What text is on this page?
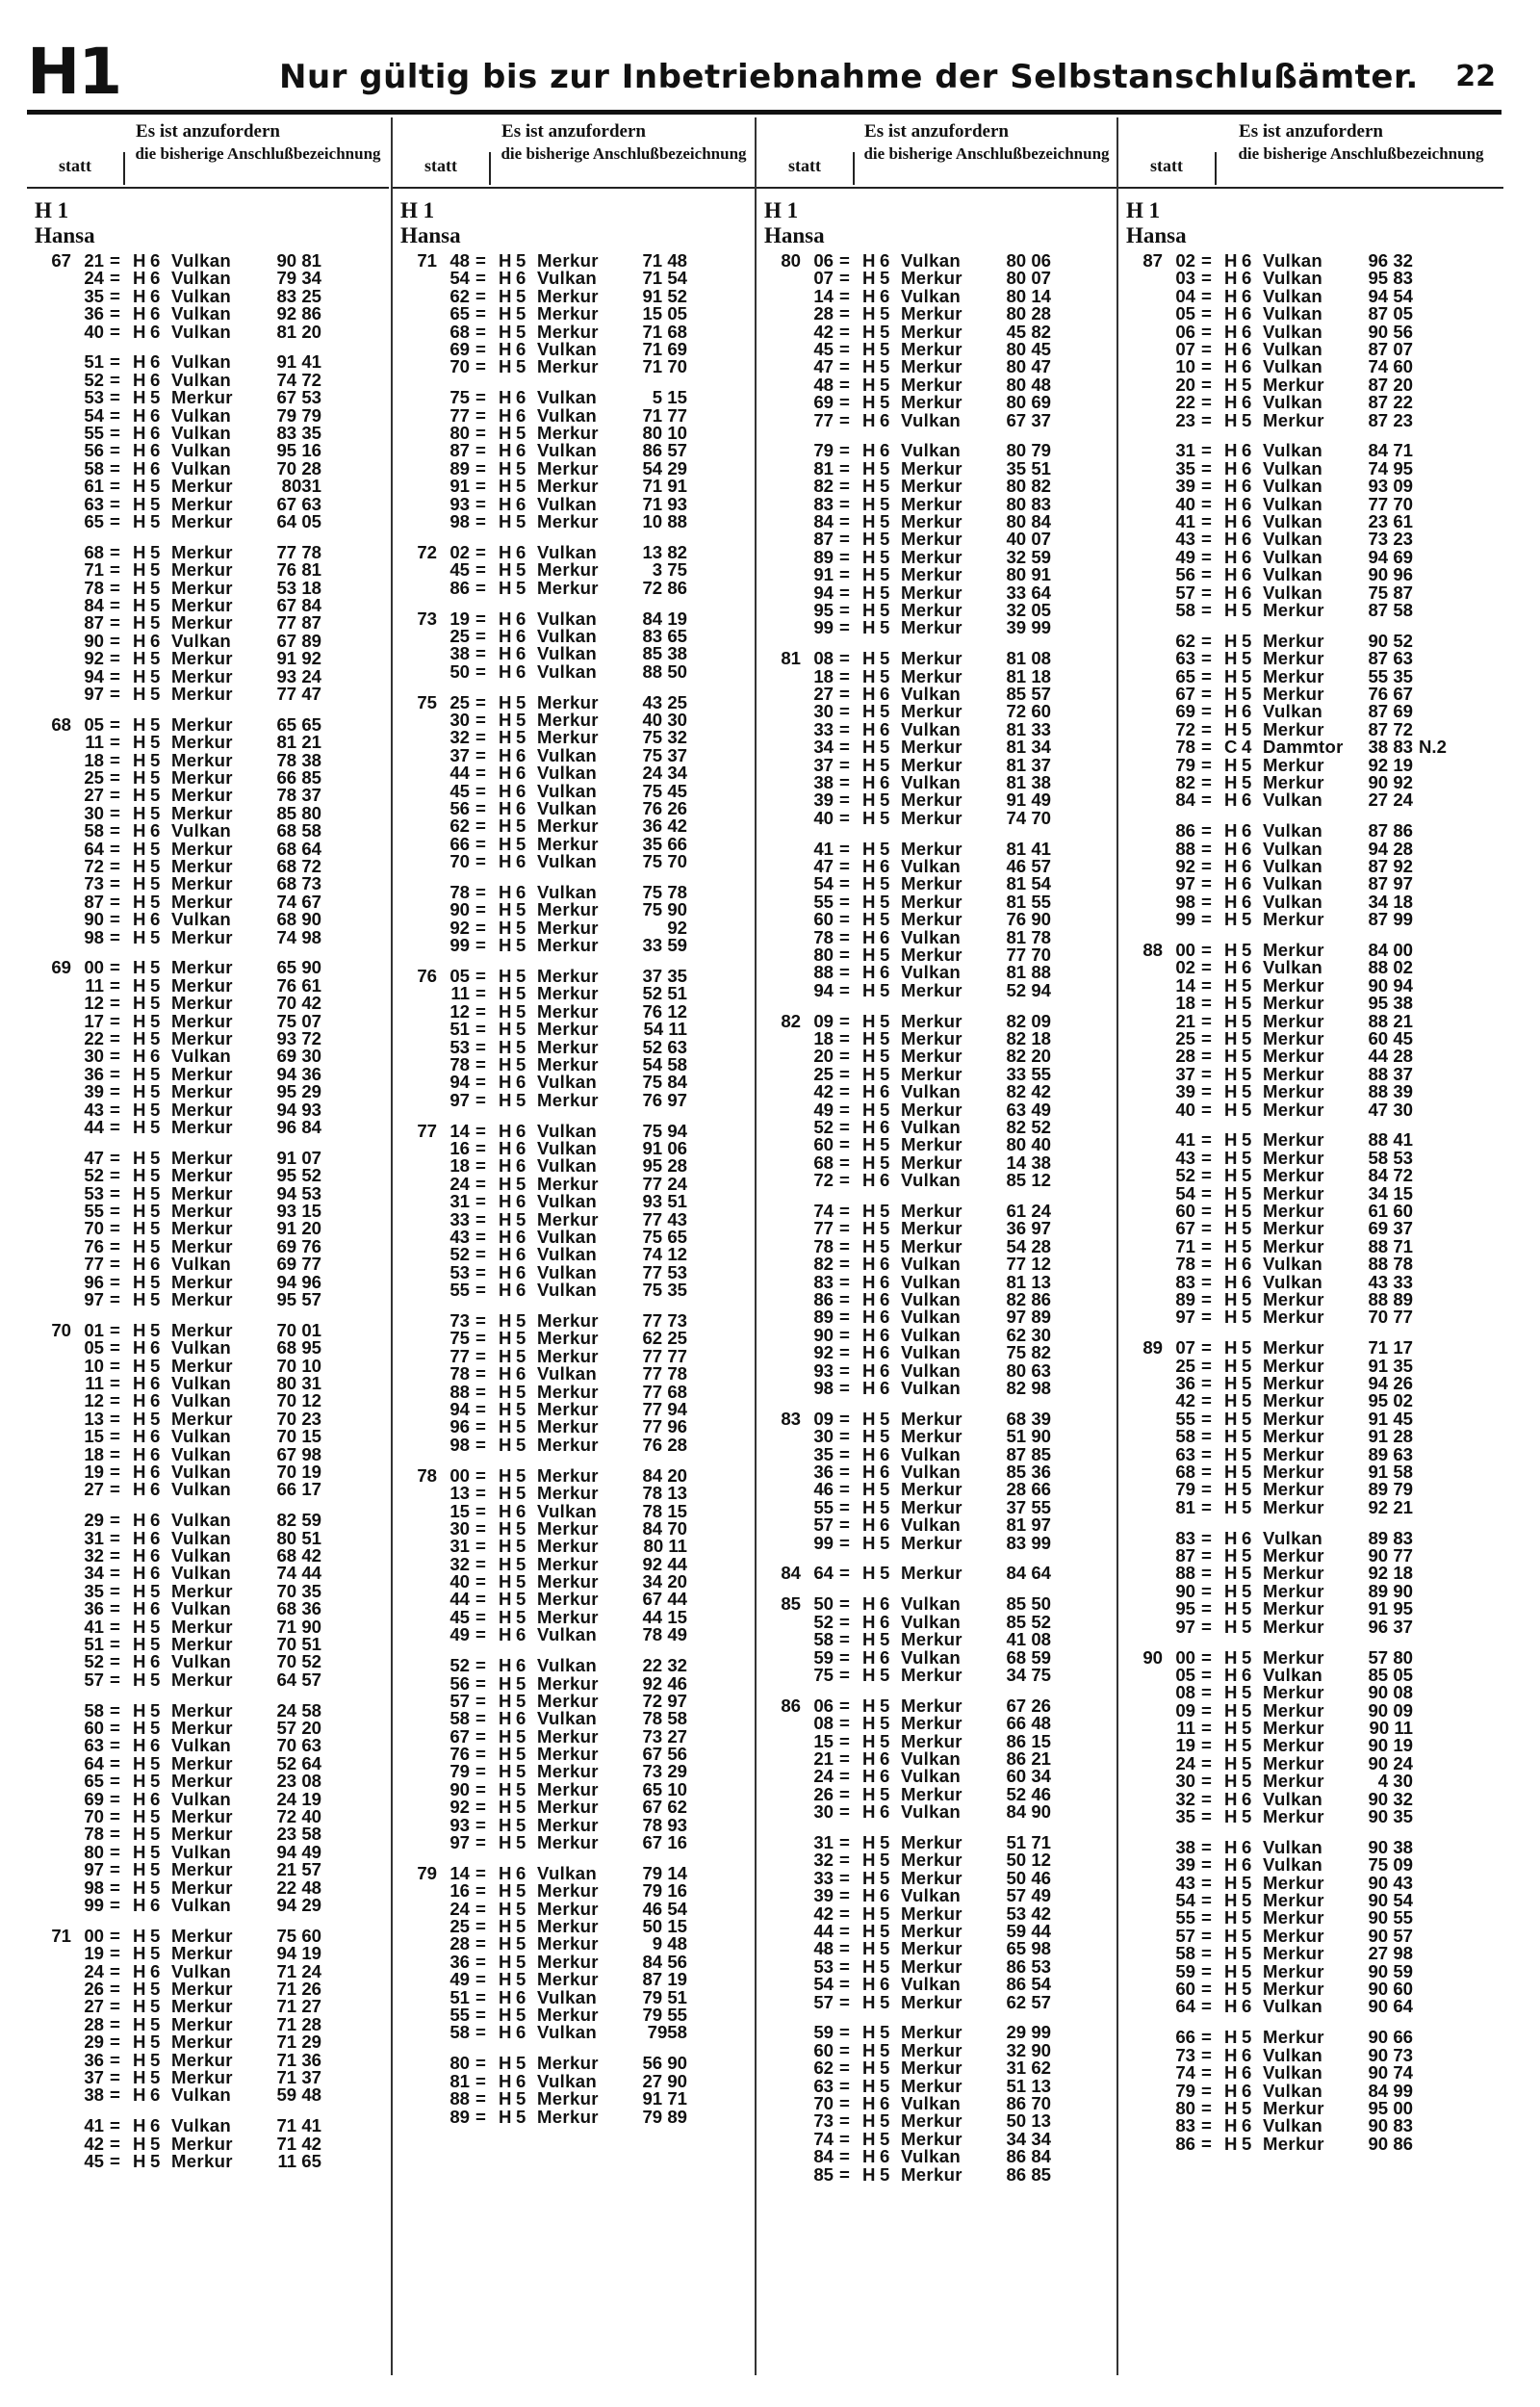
H1	Nur gültig bis zur Inbetriebnahme der Selbstanschlußämter. 22
Es ist anzufordern
statt
die bisherige Anschlußbezeichnung
H 1
Hansa
67 21 = H 6 Vulkan	90 81
24 = H 6 Vulkan	79 34
35 = H 6 Vulkan	83 25
36 = H 6 Vulkan	92 86
40 = H 6 Vulkan	81 20
51 = H 6 Vulkan	91 41
52 = H 6 Vulkan	74 72
53 = H 5 Merkur	67 53
54 = H 6 Vulkan	79 79
55 = H 6 Vulkan	83 35
56 = H 6 Vulkan	95 16
58 = H 6 Vulkan	70 28
61 = H 5 Merkur	8031
63 = H 5 Merkur	67 63
65 = H 5 Merkur	64 05
68 = H 5 Merkur	77 78
71 = H 5 Merkur	76 81
78 = H 5 Merkur	53 18
84 = H 5 Merkur	67 84
87 = H 5 Merkur	77 87
90 = H 6 Vulkan	67 89
92 = H 5 Merkur	91 92
94 = H 5 Merkur	93 24
97 = H 5 Merkur	77 47
68 05 = H 5 Merkur	65 65
11 = H 5 Merkur	81 21
18 = H 5 Merkur	78 38
25 = H 5 Merkur	66 85
27 = H 5 Merkur	78 37
30 = H 5 Merkur	85 80
58 = H 6 Vulkan	68 58
64 = H 5 Merkur	68 64
72 = H 5 Merkur	68 72
73 = H 5 Merkur	68 73
87 = H 5 Merkur	74 67
90 = H 6 Vulkan	68 90
98 = H 5 Merkur	74 98
69 00 = H 5 Merkur	65 90
11 = H 5 Merkur	76 61
12 = H 5 Merkur	70 42
17 = H 5 Merkur	75 07
22 = H 5 Merkur	93 72
30 = H 6 Vulkan	69 30
36 = H 5 Merkur	94 36
39 = H 5 Merkur	95 29
43 = H 5 Merkur	94 93
44 = H 5 Merkur	96 84
47 = H 5 Merkur	91 07
52 = H 5 Merkur	95 52
53 = H 5 Merkur	94 53
55 = H 5 Merkur	93 15
70 = H 5 Merkur	91 20
76 = H 5 Merkur	69 76
77 = H 6 Vulkan	69 77
96 = H 5 Merkur	94 96
97 = H 5 Merkur	95 57
70 01 = H 5 Merkur	70 01
05 = H 6 Vulkan	68 95
10 = H 5 Merkur	70 10
11 = H 6 Vulkan	80 31
12 = H 6 Vulkan	70 12
13 = H 5 Merkur	70 23
15 = H 6 Vulkan	70 15
18 = H 6 Vulkan	67 98
19 = H 6 Vulkan	70 19
27 = H 6 Vulkan	66 17
29 = H 6 Vulkan	82 59
31 = H 6 Vulkan	80 51
32 = H 6 Vulkan	68 42
34 = H 6 Vulkan	74 44
35 = H 5 Merkur	70 35
36 = H 6 Vulkan	68 36
41 = H 5 Merkur	71 90
51 = H 5 Merkur	70 51
52 = H 6 Vulkan	70 52
57 = H 5 Merkur	64 57
58 = H 5 Merkur	24 58
60 = H 5 Merkur	57 20
63 = H 6 Vulkan	70 63
64 = H 5 Merkur	52 64
65 = H 5 Merkur	23 08
69 = H 6 Vulkan	24 19
70 = H 5 Merkur	72 40
78 = H 5 Merkur	23 58
80 = H 5 Vulkan	94 49
97 = H 5 Merkur	21 57
98 = H 5 Merkur	22 48
99 = H 6 Vulkan	94 29
71 00 = H 5 Merkur	75 60
19 = H 5 Merkur	94 19
24 = H 6 Vulkan	71 24
26 = H 5 Merkur	71 26
27 = H 5 Merkur	71 27
28 = H 5 Merkur	71 28
29 = H 5 Merkur	71 29
36 = H 5 Merkur	71 36
37 = H 5 Merkur	71 37
38 = H 6 Vulkan	59 48
41 = H 6 Vulkan	71 41
42 = H 5 Merkur	71 42
45 = H 5 Merkur	11 65
Es ist anzufordern
statt
die bisherige Anschlußbezeichnung
H 1
Hansa
71 48 = H 5 Merkur	71 48
54 = H 6 Vulkan	71 54
62 = H 5 Merkur	91 52
65 = H 5 Merkur	15 05
68 = H 5 Merkur	71 68
69 = H 6 Vulkan	71 69
70 = H 5 Merkur	71 70
75 = H 6 Vulkan	5 15
77 = H 6 Vulkan	71 77
80 = H 5 Merkur	80 10
87 = H 6 Vulkan	86 57
89 = H 5 Merkur	54 29
91 = H 5 Merkur	71 91
93 = H 6 Vulkan	71 93
98 = H 5 Merkur	10 88
72 02 = H 6 Vulkan	13 82
45 = H 5 Merkur	3 75
86 = H 5 Merkur	72 86
73 19 = H 6 Vulkan	84 19
25 = H 6 Vulkan	83 65
38 = H 6 Vulkan	85 38
50 = H 6 Vulkan	88 50
75 25 = H 5 Merkur	43 25
30 = H 5 Merkur	40 30
32 = H 5 Merkur	75 32
37 = H 6 Vulkan	75 37
44 = H 6 Vulkan	24 34
45 = H 6 Vulkan	75 45
56 = H 6 Vulkan	76 26
62 = H 5 Merkur	36 42
66 = H 5 Merkur	35 66
70 = H 6 Vulkan	75 70
78 = H 6 Vulkan	75 78
90 = H 5 Merkur	75 90
92 = H 5 Merkur	92
99 = H 5 Merkur	33 59
76 05 = H 5 Merkur	37 35
11 = H 5 Merkur	52 51
12 = H 5 Merkur	76 12
51 = H 5 Merkur	54 11
53 = H 5 Merkur	52 63
78 = H 5 Merkur	54 58
94 = H 6 Vulkan	75 84
97 = H 5 Merkur	76 97
77 14 = H 6 Vulkan	75 94
16 = H 6 Vulkan	91 06
18 = H 6 Vulkan	95 28
24 = H 5 Merkur	77 24
31 = H 6 Vulkan	93 51
33 = H 5 Merkur	77 43
43 = H 6 Vulkan	75 65
52 = H 6 Vulkan	74 12
53 = H 6 Vulkan	77 53
55 = H 6 Vulkan	75 35
73 = H 5 Merkur	77 73
75 = H 5 Merkur	62 25
77 = H 5 Merkur	77 77
78 = H 6 Vulkan	77 78
88 = H 5 Merkur	77 68
94 = H 5 Merkur	77 94
96 = H 5 Merkur	77 96
98 = H 5 Merkur	76 28
78 00 = H 5 Merkur	84 20
13 = H 5 Merkur	78 13
15 = H 6 Vulkan	78 15
30 = H 5 Merkur	84 70
31 = H 5 Merkur	80 11
32 = H 5 Merkur	92 44
40 = H 5 Merkur	34 20
44 = H 5 Merkur	67 44
45 = H 5 Merkur	44 15
49 = H 6 Vulkan	78 49
52 = H 6 Vulkan	22 32
56 = H 5 Merkur	92 46
57 = H 5 Merkur	72 97
58 = H 6 Vulkan	78 58
67 = H 5 Merkur	73 27
76 = H 5 Merkur	67 56
79 = H 5 Merkur	73 29
90 = H 5 Merkur	65 10
92 = H 5 Merkur	67 62
93 = H 5 Merkur	78 93
97 = H 5 Merkur	67 16
79 14 = H 6 Vulkan	79 14
16 = H 5 Merkur	79 16
24 = H 5 Merkur	46 54
25 = H 5 Merkur	50 15
28 = H 5 Merkur	9 48
36 = H 5 Merkur	84 56
49 = H 5 Merkur	87 19
51 = H 6 Vulkan	79 51
55 = H 5 Merkur	79 55
58 = H 6 Vulkan	7958
80 = H 5 Merkur	56 90
81 = H 6 Vulkan	27 90
88 = H 5 Merkur	91 71
89 = H 5 Merkur	79 89
Es ist anzufordern
statt
die bisherige Anschlußbezeichnung
H 1
Hansa
80 06 = H 6 Vulkan	80 06
07 = H 5 Merkur	80 07
14 = H 6 Vulkan	80 14
28 = H 5 Merkur	80 28
42 = H 5 Merkur	45 82
45 = H 5 Merkur	80 45
47 = H 5 Merkur	80 47
48 = H 5 Merkur	80 48
69 = H 5 Merkur	80 69
77 = H 6 Vulkan	67 37
79 = H 6 Vulkan	80 79
81 = H 5 Merkur	35 51
82 = H 5 Merkur	80 82
83 = H 5 Merkur	80 83
84 = H 5 Merkur	80 84
87 = H 5 Merkur	40 07
89 = H 5 Merkur	32 59
91 = H 5 Merkur	80 91
94 = H 5 Merkur	33 64
95 = H 5 Merkur	32 05
99 = H 5 Merkur	39 99
81 08 = H 5 Merkur	81 08
18 = H 5 Merkur	81 18
27 = H 6 Vulkan	85 57
30 = H 5 Merkur	72 60
33 = H 6 Vulkan	81 33
34 = H 5 Merkur	81 34
37 = H 5 Merkur	81 37
38 = H 6 Vulkan	81 38
39 = H 5 Merkur	91 49
40 = H 5 Merkur	74 70
41 = H 5 Merkur	81 41
47 = H 6 Vulkan	46 57
54 = H 5 Merkur	81 54
55 = H 5 Merkur	81 55
60 = H 5 Merkur	76 90
78 = H 6 Vulkan	81 78
80 = H 5 Merkur	77 70
88 = H 6 Vulkan	81 88
94 = H 5 Merkur	52 94
82 09 = H 5 Merkur	82 09
18 = H 5 Merkur	82 18
20 = H 5 Merkur	82 20
25 = H 5 Merkur	33 55
42 = H 6 Vulkan	82 42
49 = H 5 Merkur	63 49
52 = H 6 Vulkan	82 52
60 = H 5 Merkur	80 40
68 = H 5 Merkur	14 38
72 = H 6 Vulkan	85 12
74 = H 5 Merkur	61 24
77 = H 5 Merkur	36 97
78 = H 5 Merkur	54 28
82 = H 6 Vulkan	77 12
83 = H 6 Vulkan	81 13
86 = H 6 Vulkan	82 86
89 = H 6 Vulkan	97 89
90 = H 6 Vulkan	62 30
92 = H 6 Vulkan	75 82
93 = H 6 Vulkan	80 63
98 = H 6 Vulkan	82 98
83 09 = H 5 Merkur	68 39
30 = H 5 Merkur	51 90
35 = H 6 Vulkan	87 85
36 = H 6 Vulkan	85 36
46 = H 5 Merkur	28 66
55 = H 5 Merkur	37 55
57 = H 6 Vulkan	81 97
99 = H 5 Merkur	83 99
84 64 = H 5 Merkur	84 64
85 50 = H 6 Vulkan	85 50
52 = H 6 Vulkan	85 52
58 = H 5 Merkur	41 08
59 = H 6 Vulkan	68 59
75 = H 5 Merkur	34 75
86 06 = H 5 Merkur	67 26
08 = H 5 Merkur	66 48
15 = H 5 Merkur	86 15
21 = H 6 Vulkan	86 21
24 = H 6 Vulkan	60 34
26 = H 5 Merkur	52 46
30 = H 6 Vulkan	84 90
31 = H 5 Merkur	51 71
32 = H 5 Merkur	50 12
33 = H 5 Merkur	50 46
39 = H 6 Vulkan	57 49
42 = H 5 Merkur	53 42
44 = H 5 Merkur	59 44
48 = H 5 Merkur	65 98
53 = H 5 Merkur	86 53
54 = H 6 Vulkan	86 54
57 = H 5 Merkur	62 57
59 = H 5 Merkur	29 99
60 = H 5 Merkur	32 90
62 = H 5 Merkur	31 62
63 = H 5 Merkur	51 13
70 = H 6 Vulkan	86 70
73 = H 5 Merkur	50 13
74 = H 5 Merkur	34 34
84 = H 6 Vulkan	86 84
85 = H 5 Merkur	86 85
Es ist anzufordern
statt
die bisherige Anschlußbezeichnung
H 1
Hansa
87 02 = H 6 Vulkan	96 32
03 = H 6 Vulkan	95 83
04 = H 6 Vulkan	94 54
05 = H 6 Vulkan	87 05
06 = H 6 Vulkan	90 56
07 = H 6 Vulkan	87 07
10 = H 6 Vulkan	74 60
20 = H 5 Merkur	87 20
22 = H 6 Vulkan	87 22
23 = H 5 Merkur	87 23
31 = H 6 Vulkan	84 71
35 = H 6 Vulkan	74 95
39 = H 6 Vulkan	93 09
40 = H 6 Vulkan	77 70
41 = H 6 Vulkan	23 61
43 = H 6 Vulkan	73 23
49 = H 6 Vulkan	94 69
56 = H 6 Vulkan	90 96
57 = H 6 Vulkan	75 87
58 = H 5 Merkur	87 58
62 = H 5 Merkur	90 52
63 = H 5 Merkur	87 63
65 = H 5 Merkur	55 35
67 = H 5 Merkur	76 67
69 = H 6 Vulkan	87 69
72 = H 5 Merkur	87 72
78 = C 4 Dammtor	38 83 N.2
79 = H 5 Merkur	92 19
82 = H 5 Merkur	90 92
84 = H 6 Vulkan	27 24
86 = H 6 Vulkan	87 86
88 = H 6 Vulkan	94 28
92 = H 6 Vulkan	87 92
97 = H 6 Vulkan	87 97
98 = H 6 Vulkan	34 18
99 = H 5 Merkur	87 99
88 00 = H 5 Merkur	84 00
02 = H 6 Vulkan	88 02
14 = H 5 Merkur	90 94
18 = H 5 Merkur	95 38
21 = H 5 Merkur	88 21
25 = H 5 Merkur	60 45
28 = H 5 Merkur	44 28
37 = H 5 Merkur	88 37
39 = H 5 Merkur	88 39
40 = H 5 Merkur	47 30
41 = H 5 Merkur	88 41
43 = H 5 Merkur	58 53
52 = H 5 Merkur	84 72
54 = H 5 Merkur	34 15
60 = H 5 Merkur	61 60
67 = H 5 Merkur	69 37
71 = H 5 Merkur	88 71
78 = H 6 Vulkan	88 78
83 = H 6 Vulkan	43 33
89 = H 5 Merkur	88 89
97 = H 5 Merkur	70 77
89 07 = H 5 Merkur	71 17
25 = H 5 Merkur	91 35
36 = H 5 Merkur	94 26
42 = H 5 Merkur	95 02
55 = H 5 Merkur	91 45
58 = H 5 Merkur	91 28
63 = H 5 Merkur	89 63
68 = H 5 Merkur	91 58
79 = H 5 Merkur	89 79
81 = H 5 Merkur	92 21
83 = H 6 Vulkan	89 83
87 = H 5 Merkur	90 77
88 = H 5 Merkur	92 18
90 = H 5 Merkur	89 90
95 = H 5 Merkur	91 95
97 = H 5 Merkur	96 37
90 00 = H 5 Merkur	57 80
05 = H 6 Vulkan	85 05
08 = H 5 Merkur	90 08
09 = H 5 Merkur	90 09
11 = H 5 Merkur	90 11
19 = H 5 Merkur	90 19
24 = H 5 Merkur	90 24
30 = H 5 Merkur	4 30
32 = H 6 Vulkan	90 32
35 = H 5 Merkur	90 35
38 = H 6 Vulkan	90 38
39 = H 6 Vulkan	75 09
43 = H 5 Merkur	90 43
54 = H 5 Merkur	90 54
55 = H 5 Merkur	90 55
57 = H 5 Merkur	90 57
58 = H 5 Merkur	27 98
59 = H 5 Merkur	90 59
60 = H 5 Merkur	90 60
64 = H 6 Vulkan	90 64
66 = H 5 Merkur	90 66
73 = H 6 Vulkan	90 73
74 = H 6 Vulkan	90 74
79 = H 6 Vulkan	84 99
80 = H 5 Merkur	95 00
83 = H 6 Vulkan	90 83
86 = H 5 Merkur	90 86
